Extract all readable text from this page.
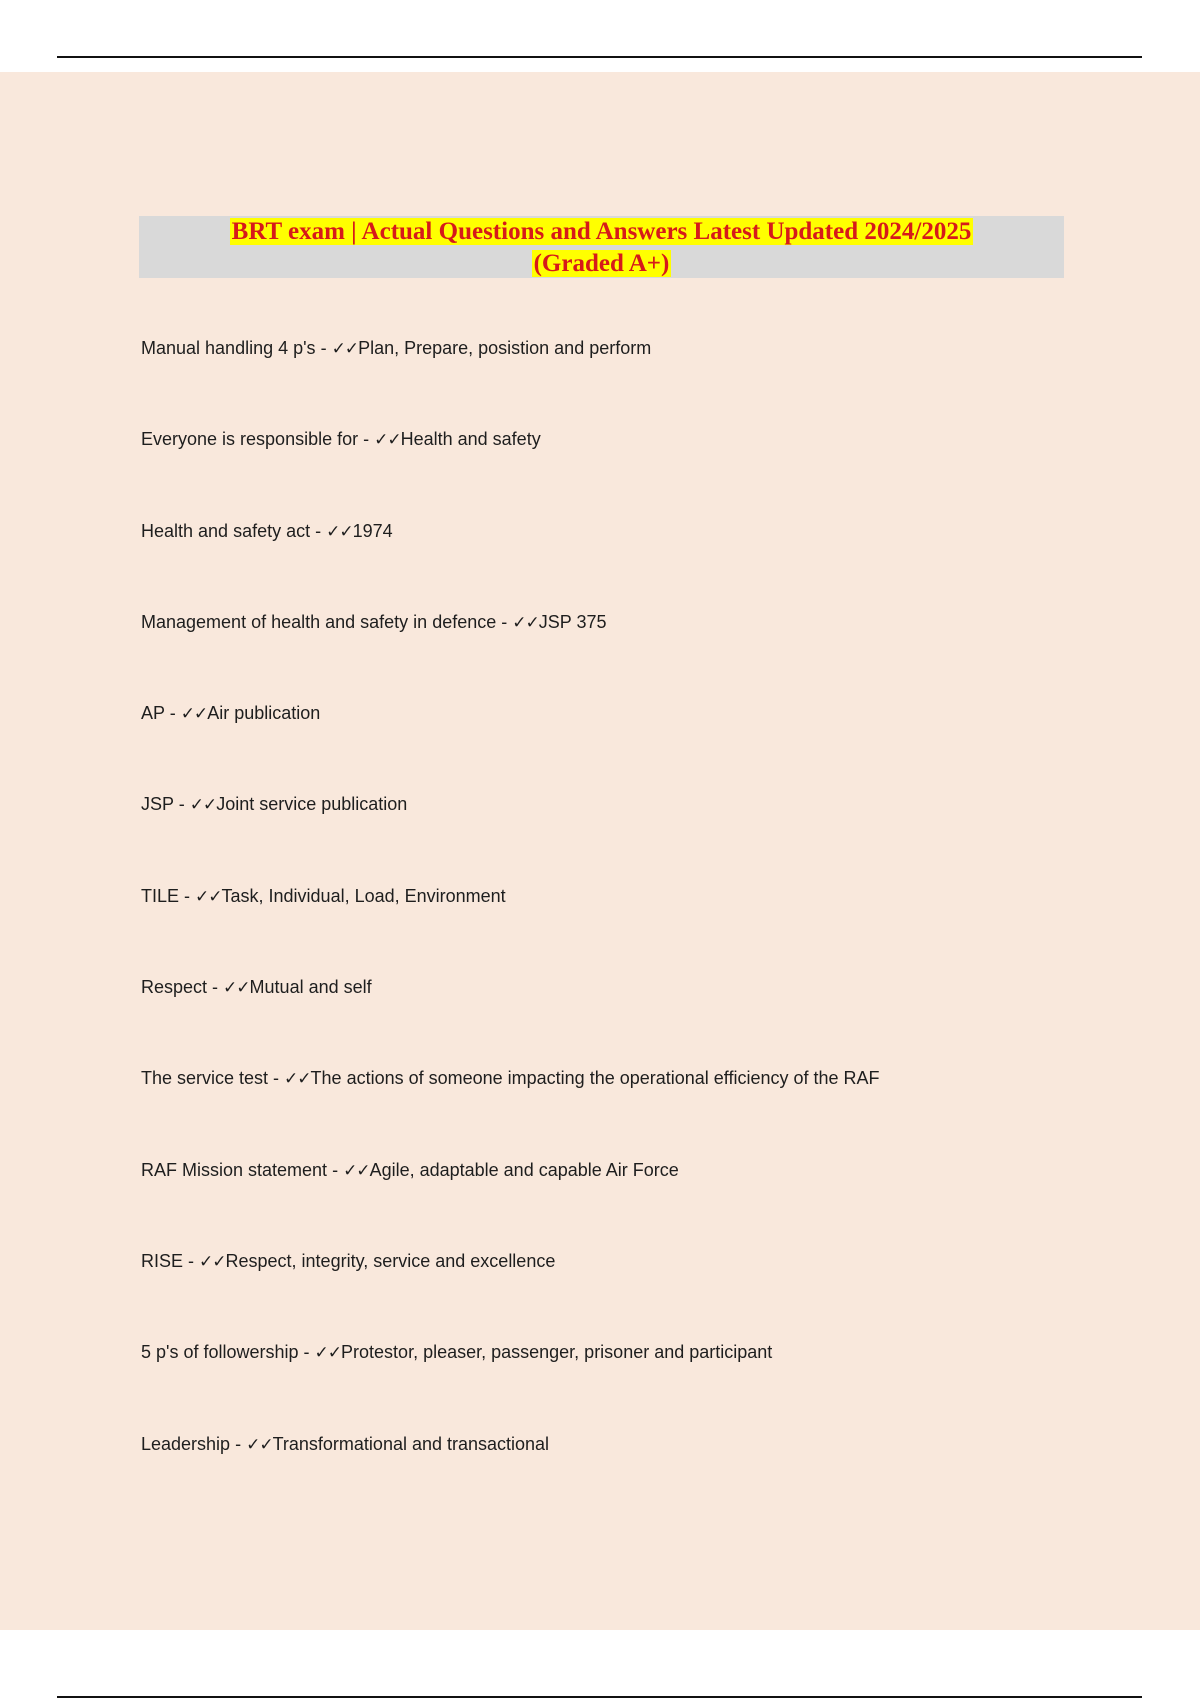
BRT exam | Actual Questions and Answers Latest Updated 2024/2025
(Graded A+)
Manual handling 4 p's - ✓✓Plan, Prepare, posistion and perform
Everyone is responsible for - ✓✓Health and safety
Health and safety act - ✓✓1974
Management of health and safety in defence - ✓✓JSP 375
AP - ✓✓Air publication
JSP - ✓✓Joint service publication
TILE - ✓✓Task, Individual, Load, Environment
Respect - ✓✓Mutual and self
The service test - ✓✓The actions of someone impacting the operational efficiency of the RAF
RAF Mission statement - ✓✓Agile, adaptable and capable Air Force
RISE - ✓✓Respect, integrity, service and excellence
5 p's of followership - ✓✓Protestor, pleaser, passenger, prisoner and participant
Leadership - ✓✓Transformational and transactional
